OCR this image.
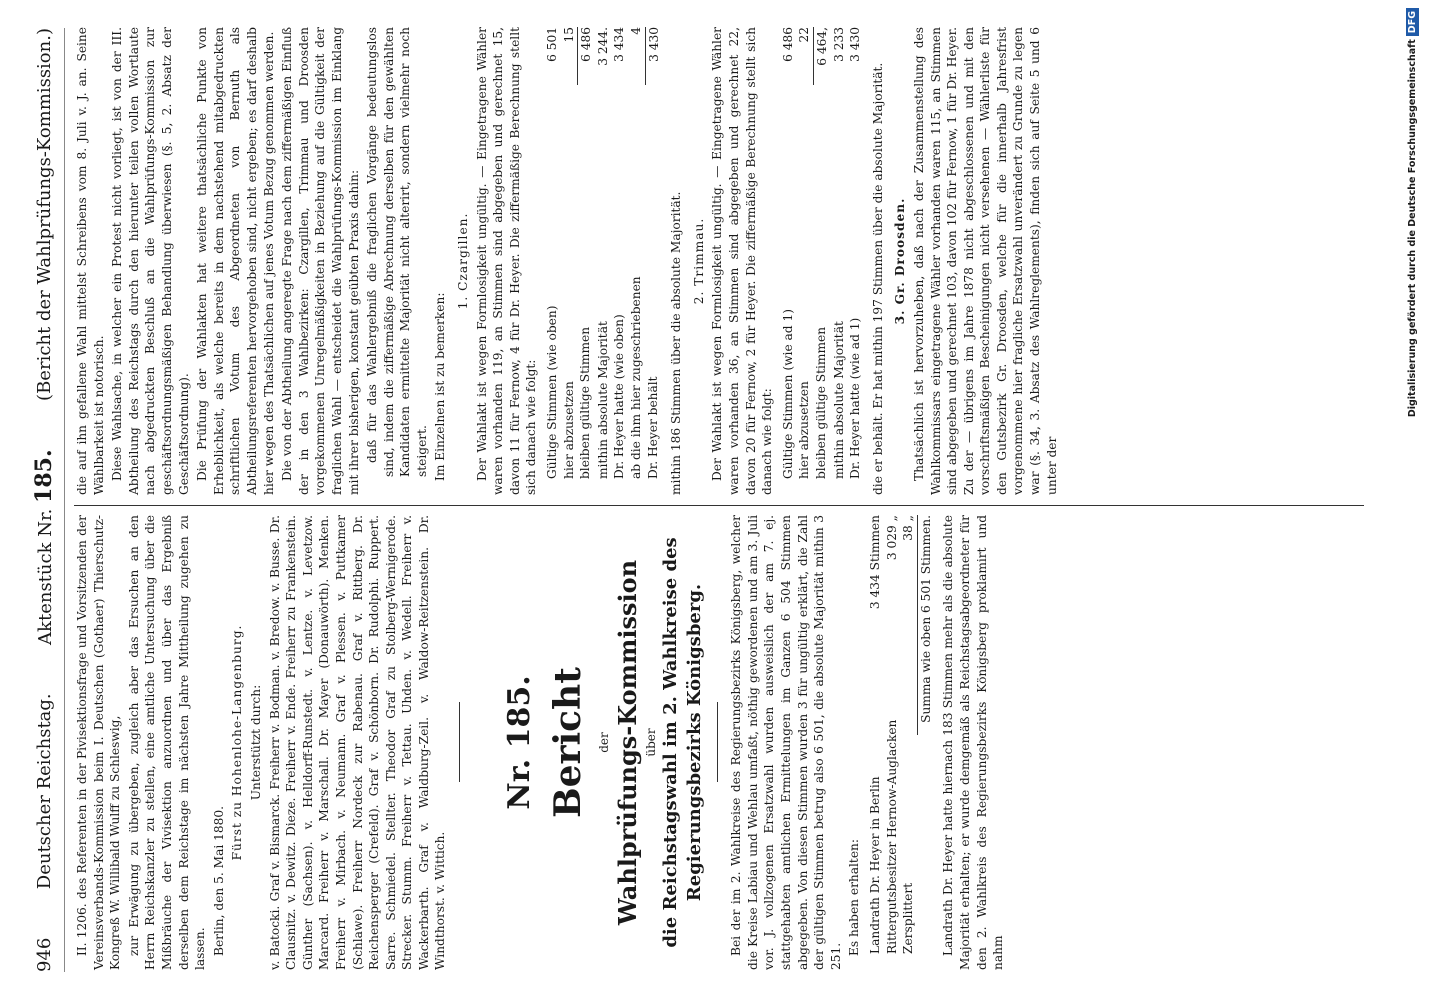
946
Deutscher Reichstag.
Aktenstück Nr. 185.
(Bericht der Wahlprüfungs-Kommission.)

II. 1206. des Referenten in der Pivisektionsfrage und Vorsitzenden der Vereinsverbands-Kommission beim I. Deutschen (Gothaer) Thierschutz-Kongreß W. Willibald Wulff zu Schleswig, zur Erwägung zu übergeben, zugleich aber das Ersuchen an den Herrn Reichskanzler zu stellen, eine amtliche Untersuchung über die Mißbräuche der Vivisektion anzuordnen und über das Ergebniß derselben dem Reichstage im nächsten Jahre Mittheilung zugehen zu lassen. Berlin, den 5. Mai 1880.

Fürst zu Hohenlohe-Langenburg. Unterstützt durch: v. Batocki. Graf v. Bismarck. Freiherr v. Bodman. v. Bredow. v. Busse. Dr. Clausnitz. v. Dewitz. Dieze. Freiherr v. Ende. Freiherr zu Frankenstein. Günther (Sachsen). v. Helldorff-Runstedt. v. Lentze. v. Levetzow. Marcard. Freiherr v. Marschall. Dr. Mayer (Donauwörth). Menken. Freiherr v. Mirbach. v. Neumann. Graf v. Plessen. v. Puttkamer (Schlawe). Freiherr Nordeck zur Rabenau. Graf v. Rittberg. Dr. Reichensperger (Crefeld). Graf v. Schönborn. Dr. Rudolphi. Ruppert. Sarre. Schmiedel. Stellter. Theodor Graf zu Stolberg-Wernigerode. Strecker. Stumm. Freiherr v. Tettau. Uhden. v. Wedell. Freiherr v. Wackerbarth. Graf v. Waldburg-Zeil. v. Waldow-Reitzenstein. Dr. Windthorst. v. Wittich.

Nr. 185. Bericht der Wahlprüfungs-Kommission über die Reichstagswahl im 2. Wahlkreise des Regierungsbezirks Königsberg. Bei der im 2. Wahlkreise des Regierungsbezirks Königsberg, welcher die Kreise Labiau und Wehlau umfaßt, nöthig gewordenen und am 3. Juli vor. J. vollzogenen Ersatzwahl wurden ausweislich der am 7. ej. stattgehabten amtlichen Ermittelungen im Ganzen 6 504 Stimmen abgegeben. Von diesen Stimmen wurden 3 für ungültig erklärt, die Zahl der gültigen Stimmen betrug also 6 501, die absolute Majorität mithin 3 251.

Es haben erhalten: Landrath Dr. Heyer in Berlin
3 434 Stimmen
Rittergutsbesitzer Hernow-Auglacken
3 029 „
Zersplittert
38 „ Summa wie oben 6 501 Stimmen. Landrath Dr. Heyer hatte hiernach 183 Stimmen mehr als die absolute Majorität erhalten; er wurde demgemäß als Reichstagsabgeordneter für den 2. Wahlkreis des Regierungsbezirks Königsberg proklamirt und nahm

die auf ihn gefallene Wahl mittelst Schreibens vom 8. Juli v. J. an. Seine Wählbarkeit ist notorisch. Diese Wahlsache, in welcher ein Protest nicht vorliegt, ist von der III. Abtheilung des Reichstags durch den hierunter teilen vollen Wortlaute nach abgedruckten Beschluß an die Wahlprüfungs-Kommission zur geschäftsordnungsmäßigen Behandlung überwiesen (§. 5, 2. Absatz der Geschäftsordnung). Die Prüfung der Wahlakten hat weitere thatsächliche Punkte von Erheblichkeit, als welche bereits in dem nachstehend mitabgedruckten schriftlichen Votum des Abgeordneten von Bernuth als Abtheilungsreferenten hervorgehoben sind, nicht ergeben; es darf deshalb hier wegen des Thatsächlichen auf jenes Votum Bezug genommen werden. Die von der Abtheilung angeregte Frage nach dem ziffermäßigen Einfluß der in den 3 Wahlbezirken: Czargillen, Trimmau und Droosden vorgekommenen Unregelmäßigkeiten in Beziehung auf die Gültigkeit der fraglichen Wahl — entscheidet die Wahlprüfungs-Kommission im Einklang mit ihrer bisherigen, konstant geübten Praxis dahin: daß für das Wahlergebniß die fraglichen Vorgänge bedeutungslos sind, indem die ziffermäßige Abrechnung derselben für den gewählten Kandidaten ermittelte Majorität nicht alterirt, sondern vielmehr noch steigert. Im Einzelnen ist zu bemerken:

1. Czargillen. Der Wahlakt ist wegen Formlosigkeit ungültig. — Eingetragene Wähler waren vorhanden 119, an Stimmen sind abgegeben und gerechnet 15, davon 11 für Fernow, 4 für Dr. Heyer. Die ziffermäßige Berechnung stellt sich danach wie folgt: Gültige Stimmen (wie oben)
6 501
hier abzusetzen
15
bleiben gültige Stimmen
6 486
mithin absolute Majorität
3 244.
Dr. Heyer hatte (wie oben)
3 434
ab die ihm hier zugeschriebenen
4
Dr. Heyer behält
3 430

mithin 186 Stimmen über die absolute Majorität. 2. Trimmau. Der Wahlakt ist wegen Formlosigkeit ungültig. — Eingetragene Wähler waren vorhanden 36, an Stimmen sind abgegeben und gerechnet 22, davon 20 für Fernow, 2 für Heyer. Die ziffermäßige Berechnung stellt sich danach wie folgt: Gültige Stimmen (wie ad 1)
6 486
hier abzusetzen
22
bleiben gültige Stimmen
6 464,
mithin absolute Majorität
3 233
Dr. Heyer hatte (wie ad 1)
3 430

die er behält. Er hat mithin 197 Stimmen über die absolute Majorität. 3. Gr. Droosden. Thatsächlich ist hervorzuheben, daß nach der Zusammenstellung des Wahlkommissars eingetragene Wähler vorhanden waren 115, an Stimmen sind abgegeben und gerechnet 103, davon 102 für Fernow, 1 für Dr. Heyer. Zu der — übrigens im Jahre 1878 nicht abgeschlossenen und mit den vorschriftsmäßigen Bescheinigungen nicht versehenen — Wählerliste für den Gutsbezirk Gr. Droosden, welche für die innerhalb Jahresfrist vorgenommene hier fragliche Ersatzwahl unverändert zu Grunde zu legen war (§. 34, 3. Absatz des Wahlreglements), finden sich auf Seite 5 und 6 unter der

Digitalisierung gefördert durch die Deutsche Forschungsgemeinschaft
DFG
